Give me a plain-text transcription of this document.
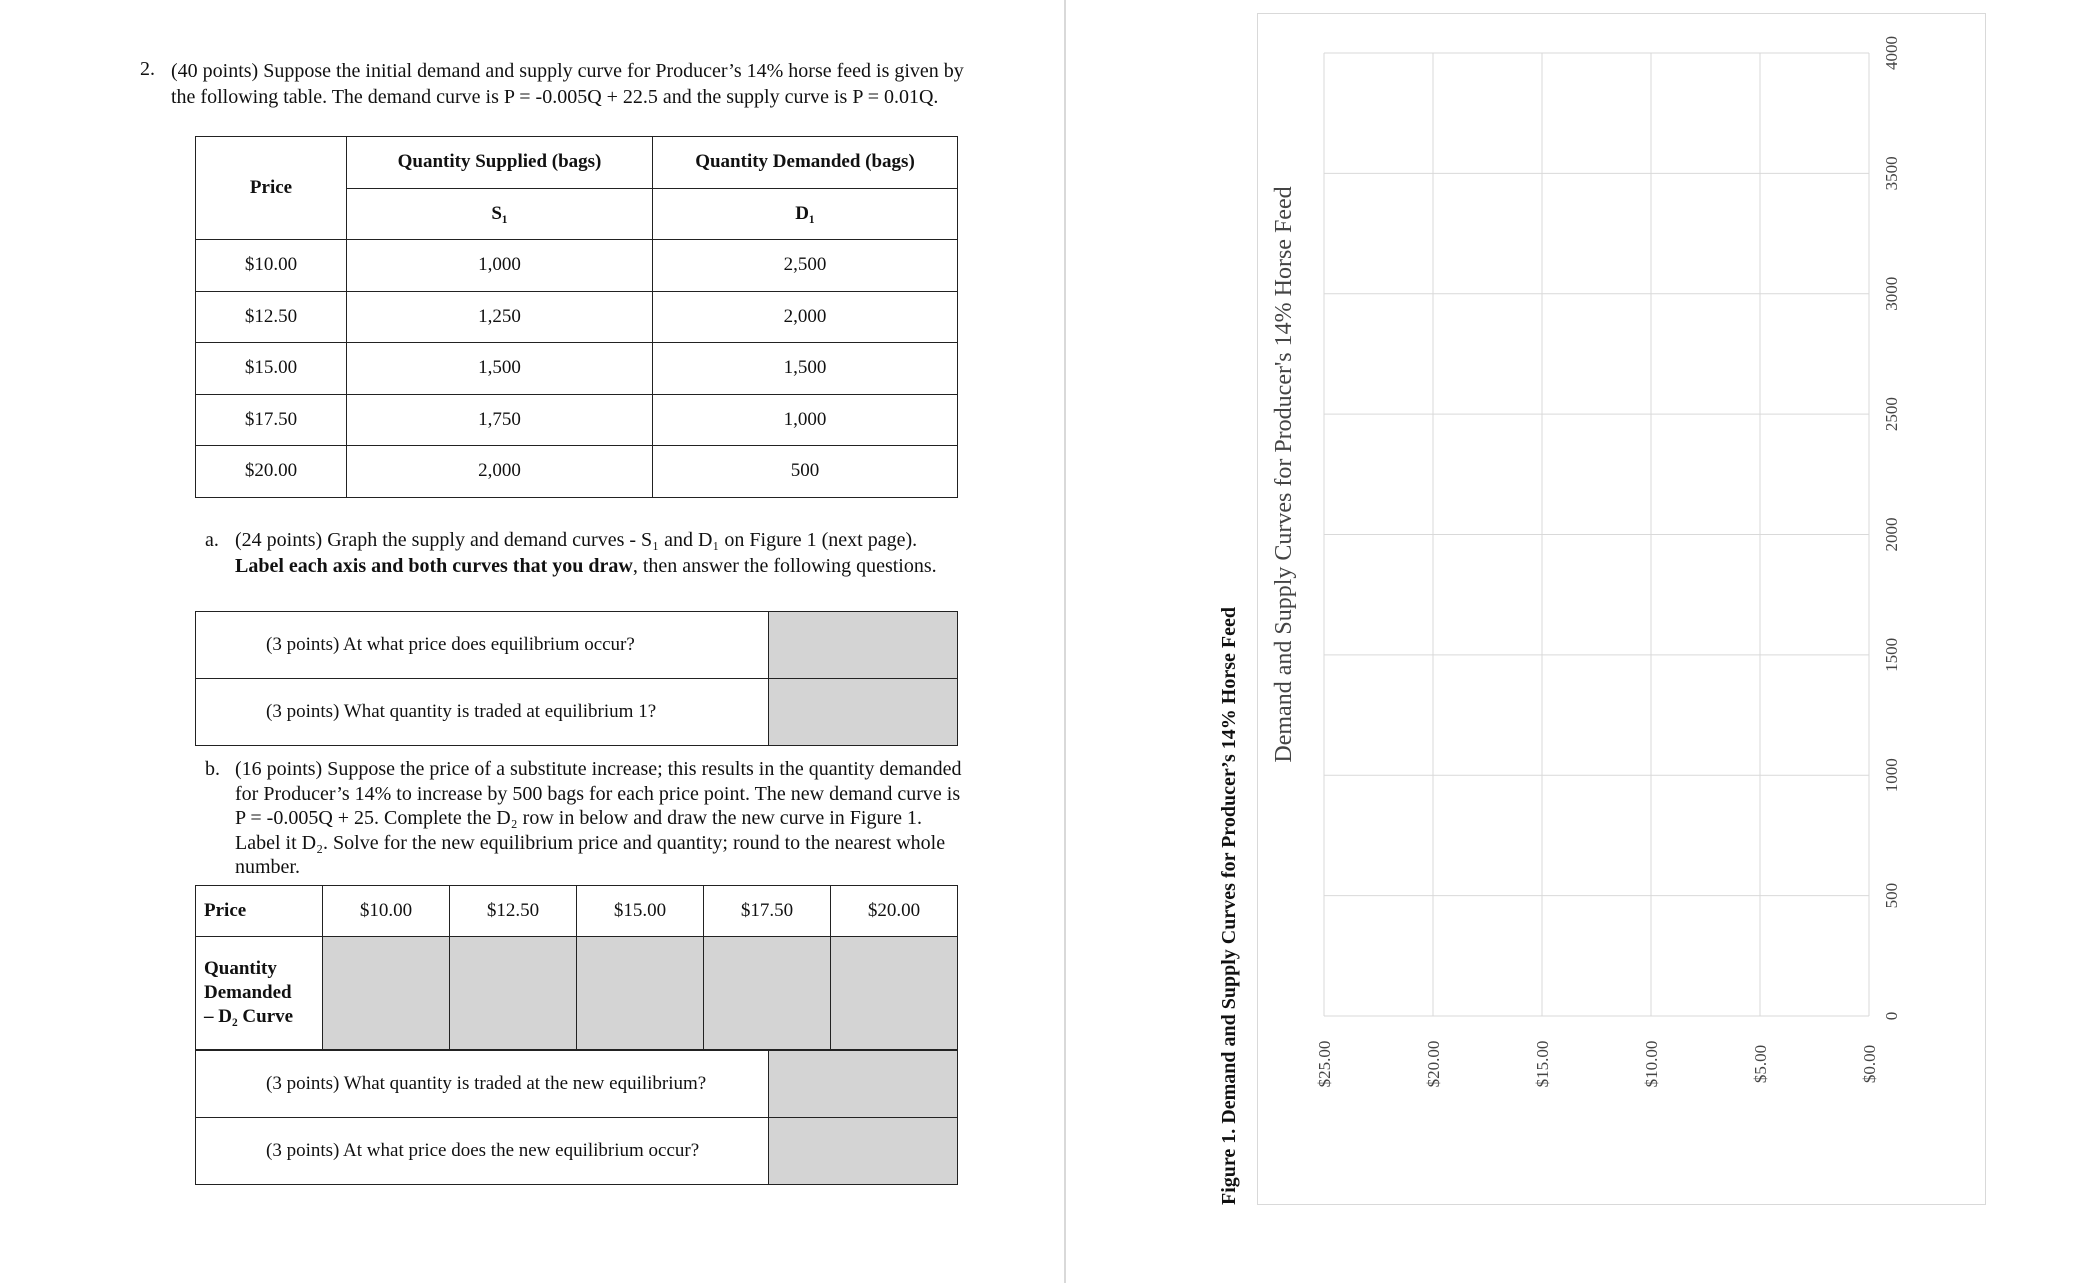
2. (40 points) Suppose the initial demand and supply curve for Producer’s 14% horse feed is given by the following table. The demand curve is P = -0.005Q + 22.5 and the supply curve is P = 0.01Q.
Price	Quantity Supplied (bags)	Quantity Demanded (bags)
	S₁	D₁
$10.00	1,000	2,500
$12.50	1,250	2,000
$15.00	1,500	1,500
$17.50	1,750	1,000
$20.00	2,000	500
a. (24 points) Graph the supply and demand curves - S₁ and D₁ on Figure 1 (next page). Label each axis and both curves that you draw, then answer the following questions.
(3 points) At what price does equilibrium occur?	
(3 points) What quantity is traded at equilibrium 1?	
b. (16 points) Suppose the price of a substitute increase; this results in the quantity demanded for Producer’s 14% to increase by 500 bags for each price point. The new demand curve is P = -0.005Q + 25. Complete the D₂ row in below and draw the new curve in Figure 1. Label it D₂. Solve for the new equilibrium price and quantity; round to the nearest whole number.
Price	$10.00	$12.50	$15.00	$17.50	$20.00
Quantity
Demanded
– D₂ Curve					
(3 points) What quantity is traded at the new equilibrium?	
(3 points) At what price does the new equilibrium occur?		Figure 1. Demand and Supply Curves for Producer’s 14% Horse Feed	0
500
1000
1500
2000
2500
3000
3500
4000
$0.00
$5.00
$10.00
$15.00
$20.00
$25.00
Demand and Supply Curves for Producer's 14% Horse Feed
